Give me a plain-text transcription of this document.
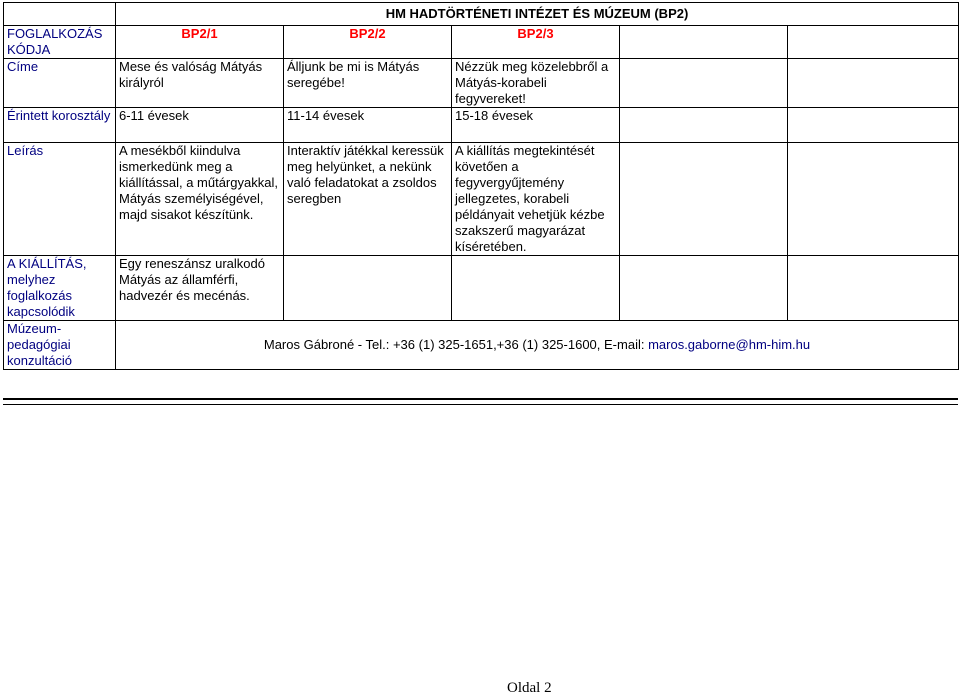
	HM HADTÖRTÉNETI INTÉZET ÉS MÚZEUM (BP2)				
FOGLALKOZÁS KÓDJA	BP2/1	BP2/2	BP2/3		
Címe	Mese és valóság Mátyás királyról	Álljunk be mi is Mátyás seregébe!	Nézzük meg közelebbről a Mátyás-korabeli fegyvereket!		
Érintett korosztály	6-11 évesek	11-14 évesek	15-18 évesek		
Leírás	A mesékből kiindulva ismerkedünk meg a kiállítással, a műtárgyakkal, Mátyás személyiségével, majd sisakot készítünk.	Interaktív játékkal keressük meg helyünket, a nekünk való feladatokat a zsoldos seregben	A kiállítás megtekintését követően a fegyvergyűjtemény jellegzetes, korabeli példányait vehetjük kézbe szakszerű magyarázat kíséretében.		
A KIÁLLÍTÁS, melyhez foglalkozás kapcsolódik	Egy reneszánsz uralkodó Mátyás az államférfi, hadvezér és mecénás.				
Múzeum-pedagógiai konzultáció	Maros Gábroné - Tel.: +36 (1) 325-1651,+36 (1) 325-1600, E-mail: maros.gaborne@hm-him.hu				
Oldal 2
